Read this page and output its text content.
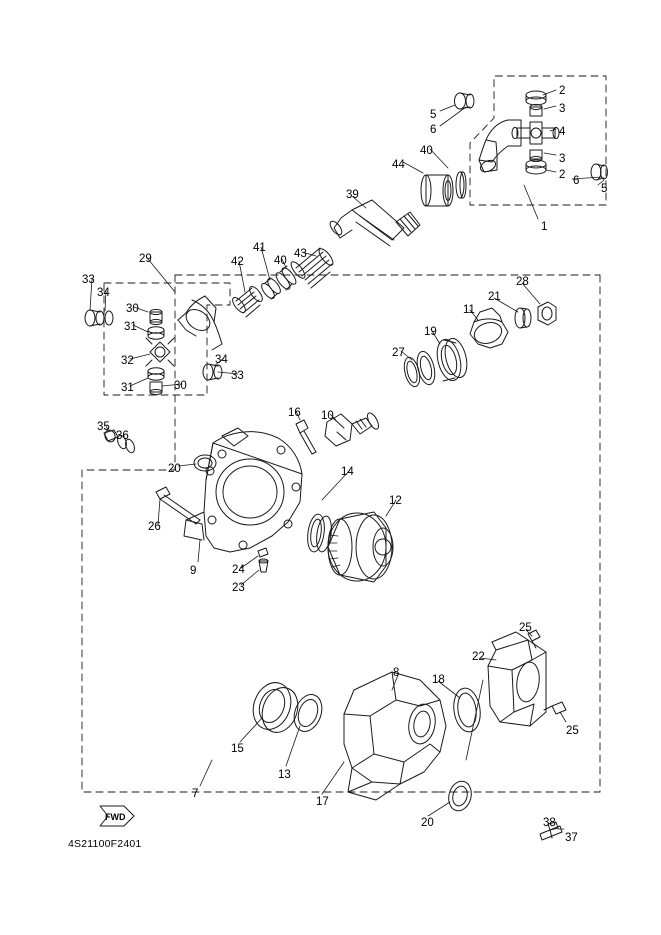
1
2
2
3
3
4
5
5
6
6
7
8
9
10
11
12
13
14
15
16
17
18
19
20
20
21
22
23
24
25
25
26
27
28
29
30
30
31
31
32
33
33
34
34
35
36
37
38
39
40
40
41
42
43
44
4S21100F2401
FWD
